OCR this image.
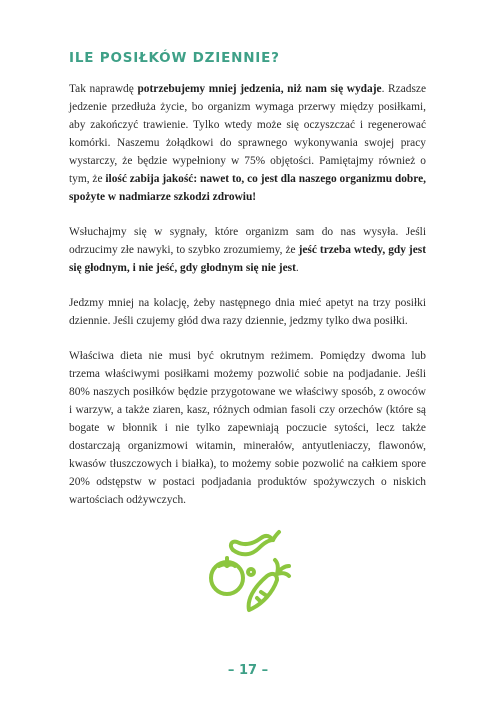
ILE POSIŁKÓW DZIENNIE?

Tak naprawdę potrzebujemy mniej jedzenia, niż nam się wydaje. Rzadsze jedzenie przedłuża życie, bo organizm wymaga przerwy między posiłkami, aby zakończyć trawienie. Tylko wtedy może się oczyszczać i regenerować komórki. Naszemu żołądkowi do sprawnego wykonywania swojej pracy wystarczy, że będzie wypełniony w 75% objętości. Pamiętajmy również o tym, że ilość zabija jakość: nawet to, co jest dla naszego organizmu dobre, spożyte w nadmiarze szkodzi zdrowiu!

Wsłuchajmy się w sygnały, które organizm sam do nas wysyła. Jeśli odrzucimy złe nawyki, to szybko zrozumiemy, że jeść trzeba wtedy, gdy jest się głodnym, i nie jeść, gdy głodnym się nie jest.

Jedzmy mniej na kolację, żeby następnego dnia mieć apetyt na trzy posiłki dziennie. Jeśli czujemy głód dwa razy dziennie, jedzmy tylko dwa posiłki.

Właściwa dieta nie musi być okrutnym reżimem. Pomiędzy dwoma lub trzema właściwymi posiłkami możemy pozwolić sobie na podjadanie. Jeśli 80% naszych posiłków będzie przygotowane we właściwy sposób, z owoców i warzyw, a także ziaren, kasz, różnych odmian fasoli czy orzechów (które są bogate w błonnik i nie tylko zapewniają poczucie sytości, lecz także dostarczają organizmowi witamin, minerałów, antyutleniaczy, flawonów, kwasów tłuszczowych i białka), to możemy sobie pozwolić na całkiem spore 20% odstępstw w postaci podjadania produktów spożywczych o niskich wartościach odżywczych.

– 17 –
